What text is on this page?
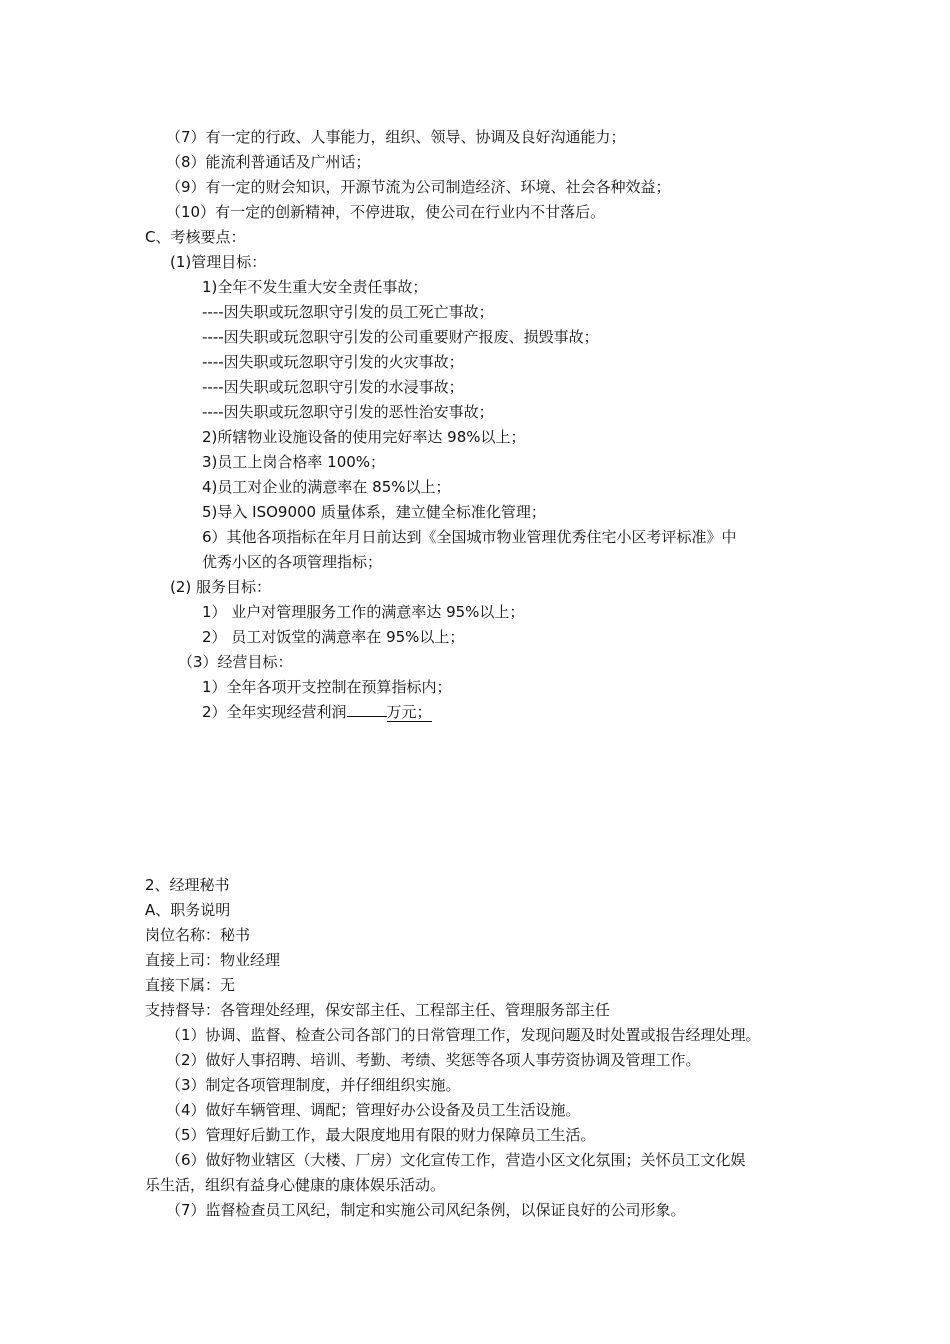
（7）有一定的行政、人事能力，组织、领导、协调及良好沟通能力；
（8）能流利普通话及广州话；
（9）有一定的财会知识，开源节流为公司制造经济、环境、社会各种效益；
（10）有一定的创新精神，不停进取，使公司在行业内不甘落后。
C、考核要点：
(1)管理目标：
1)全年不发生重大安全责任事故；
----因失职或玩忽职守引发的员工死亡事故；
----因失职或玩忽职守引发的公司重要财产报废、损毁事故；
----因失职或玩忽职守引发的火灾事故；
----因失职或玩忽职守引发的水浸事故；
----因失职或玩忽职守引发的恶性治安事故；
2)所辖物业设施设备的使用完好率达 98%以上；
3)员工上岗合格率 100%；
4)员工对企业的满意率在 85%以上；
5)导入 ISO9000 质量体系，建立健全标准化管理；
6）其他各项指标在年月日前达到《全国城市物业管理优秀住宅小区考评标准》中
优秀小区的各项管理指标；
(2) 服务目标：
1） 业户对管理服务工作的满意率达 95%以上；
2） 员工对饭堂的满意率在 95%以上；
（3）经营目标：
1）全年各项开支控制在预算指标内；
2）全年实现经营利润	万元；
2、经理秘书
A、职务说明
岗位名称：秘书
直接上司：物业经理
直接下属：无
支持督导：各管理处经理，保安部主任、工程部主任、管理服务部主任
（1）协调、监督、检查公司各部门的日常管理工作，发现问题及时处置或报告经理处理。
（2）做好人事招聘、培训、考勤、考绩、奖惩等各项人事劳资协调及管理工作。
（3）制定各项管理制度，并仔细组织实施。
（4）做好车辆管理、调配；管理好办公设备及员工生活设施。
（5）管理好后勤工作，最大限度地用有限的财力保障员工生活。
（6）做好物业辖区（大楼、厂房）文化宣传工作，营造小区文化氛围；关怀员工文化娱
乐生活，组织有益身心健康的康体娱乐活动。
（7）监督检查员工风纪，制定和实施公司风纪条例，以保证良好的公司形象。
